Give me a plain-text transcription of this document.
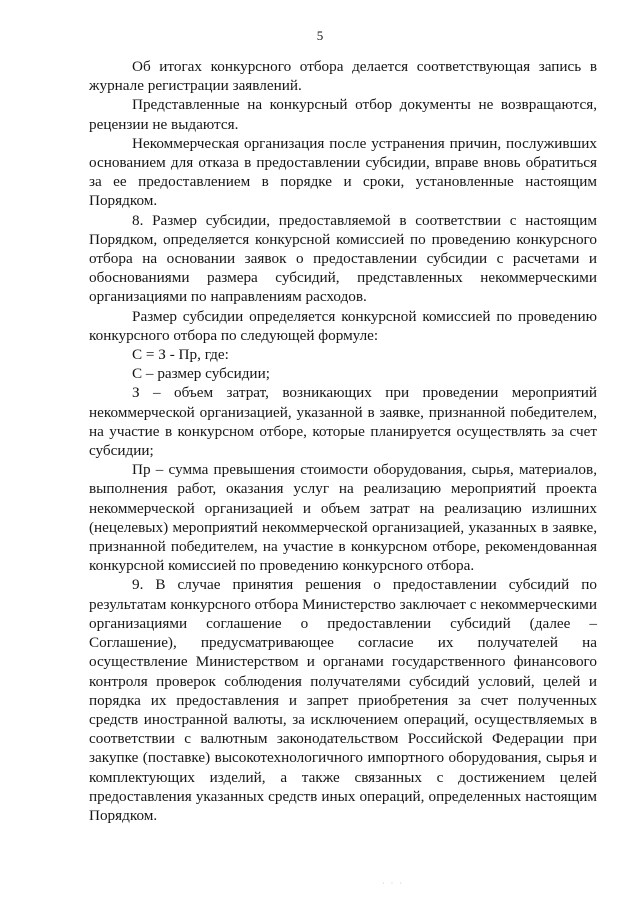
5

Об итогах конкурсного отбора делается соответствующая запись в журнале регистрации заявлений.

Представленные на конкурсный отбор документы не возвращаются, рецензии не выдаются.

Некоммерческая организация после устранения причин, послуживших основанием для отказа в предоставлении субсидии, вправе вновь обратиться за ее предоставлением в порядке и сроки, установленные настоящим Порядком.

8. Размер субсидии, предоставляемой в соответствии с настоящим Порядком, определяется конкурсной комиссией по проведению конкурсного отбора на основании заявок о предоставлении субсидии с расчетами и обоснованиями размера субсидий, представленных некоммерческими организациями по направлениям расходов.

Размер субсидии определяется конкурсной комиссией по проведению конкурсного отбора по следующей формуле:

С = З - Пр, где:

С – размер субсидии;

З – объем затрат, возникающих при проведении мероприятий некоммерческой организацией, указанной в заявке, признанной победителем, на участие в конкурсном отборе, которые планируется осуществлять за счет субсидии;

Пр – сумма превышения стоимости оборудования, сырья, материалов, выполнения работ, оказания услуг на реализацию мероприятий проекта некоммерческой организацией и объем затрат на реализацию излишних (нецелевых) мероприятий некоммерческой организацией, указанных в заявке, признанной победителем, на участие в конкурсном отборе, рекомендованная конкурсной комиссией по проведению конкурсного отбора.

9. В случае принятия решения о предоставлении субсидий по результатам конкурсного отбора Министерство заключает с некоммерческими организациями соглашение о предоставлении субсидий (далее – Соглашение), предусматривающее согласие их получателей на осуществление Министерством и органами государственного финансового контроля проверок соблюдения получателями субсидий условий, целей и порядка их предоставления и запрет приобретения за счет полученных средств иностранной валюты, за исключением операций, осуществляемых в соответствии с валютным законодательством Российской Федерации при закупке (поставке) высокотехнологичного импортного оборудования, сырья и комплектующих изделий, а также связанных с достижением целей предоставления указанных средств иных операций, определенных настоящим Порядком.

· · ·
